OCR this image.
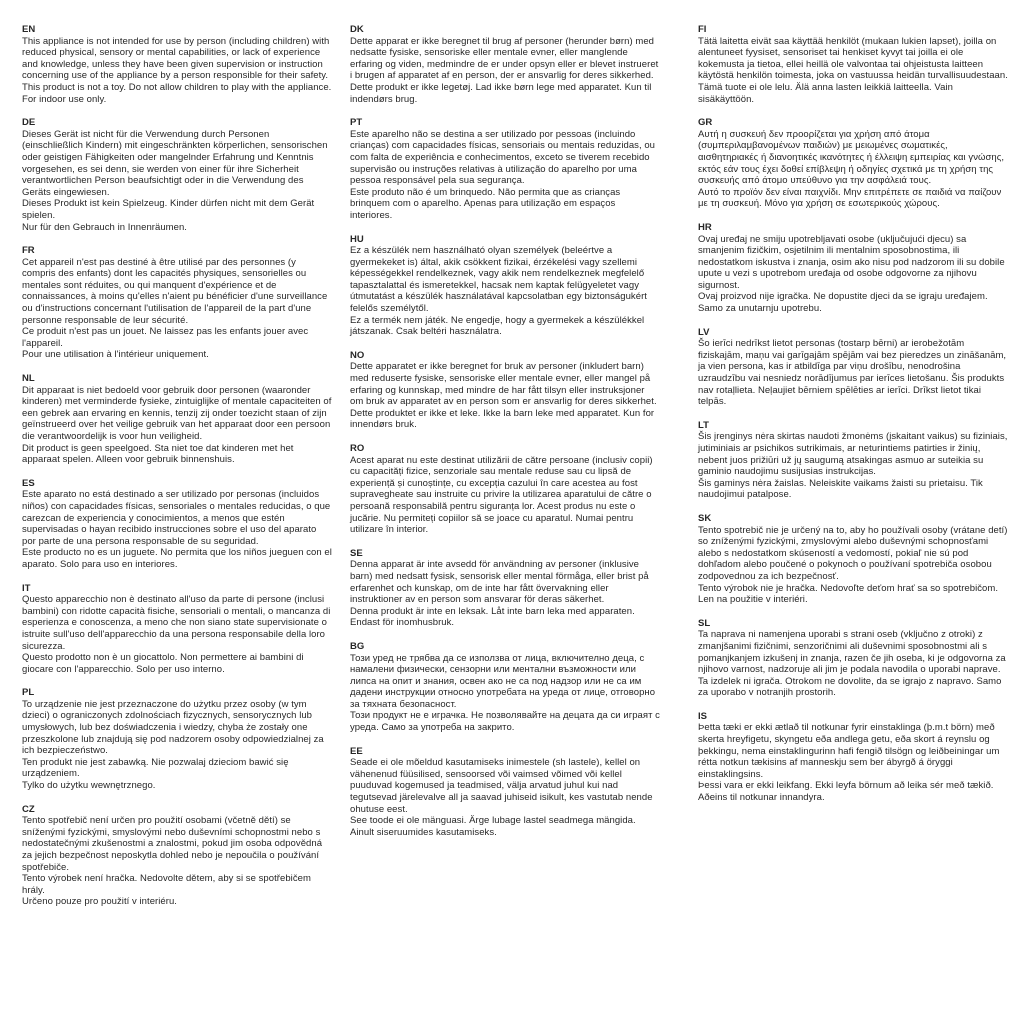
EN

This appliance is not intended for use by person (including children) with reduced physical, sensory or mental capabilities, or lack of experience and knowledge, unless they have been given supervision or instruction concerning use of the appliance by a person responsible for their safety.

This product is not a toy. Do not allow children to play with the appliance.

For indoor use only.

DE

Dieses Gerät ist nicht für die Verwendung durch Personen (einschließlich Kindern) mit eingeschränkten körperlichen, sensorischen oder geistigen Fähigkeiten oder mangelnder Erfahrung und Kenntnis vorgesehen, es sei denn, sie werden von einer für ihre Sicherheit verantwortlichen Person beaufsichtigt oder in die Verwendung des Geräts eingewiesen.

Dieses Produkt ist kein Spielzeug. Kinder dürfen nicht mit dem Gerät spielen.

Nur für den Gebrauch in Innenräumen.

FR

Cet appareil n'est pas destiné à être utilisé par des personnes (y compris des enfants) dont les capacités physiques, sensorielles ou mentales sont réduites, ou qui manquent d'expérience et de connaissances, à moins qu'elles n'aient pu bénéficier d'une surveillance ou d'instructions concernant l'utilisation de l'appareil de la part d'une personne responsable de leur sécurité.

Ce produit n'est pas un jouet. Ne laissez pas les enfants jouer avec l'appareil.

Pour une utilisation à l'intérieur uniquement.

NL

Dit apparaat is niet bedoeld voor gebruik door personen (waaronder kinderen) met verminderde fysieke, zintuiglijke of mentale capaciteiten of een gebrek aan ervaring en kennis, tenzij zij onder toezicht staan of zijn geïnstrueerd over het veilige gebruik van het apparaat door een persoon die verantwoordelijk is voor hun veiligheid.

Dit product is geen speelgoed. Sta niet toe dat kinderen met het apparaat spelen. Alleen voor gebruik binnenshuis.

ES

Este aparato no está destinado a ser utilizado por personas (incluidos niños) con capacidades físicas, sensoriales o mentales reducidas, o que carezcan de experiencia y conocimientos, a menos que estén supervisadas o hayan recibido instrucciones sobre el uso del aparato por parte de una persona responsable de su seguridad.

Este producto no es un juguete. No permita que los niños jueguen con el aparato. Solo para uso en interiores.

IT

Questo apparecchio non è destinato all'uso da parte di persone (inclusi bambini) con ridotte capacità fisiche, sensoriali o mentali, o mancanza di esperienza e conoscenza, a meno che non siano state supervisionate o istruite sull'uso dell'apparecchio da una persona responsabile della loro sicurezza.

Questo prodotto non è un giocattolo. Non permettere ai bambini di giocare con l'apparecchio. Solo per uso interno.

PL

To urządzenie nie jest przeznaczone do użytku przez osoby (w tym dzieci) o ograniczonych zdolnościach fizycznych, sensorycznych lub umysłowych, lub bez doświadczenia i wiedzy, chyba że zostały one przeszkolone lub znajdują się pod nadzorem osoby odpowiedzialnej za ich bezpieczeństwo.

Ten produkt nie jest zabawką. Nie pozwalaj dzieciom bawić się urządzeniem.

Tylko do użytku wewnętrznego.

CZ

Tento spotřebič není určen pro použití osobami (včetně dětí) se sníženými fyzickými, smyslovými nebo duševními schopnostmi nebo s nedostatečnými zkušenostmi a znalostmi, pokud jim osoba odpovědná za jejich bezpečnost neposkytla dohled nebo je nepoučila o používání spotřebiče.

Tento výrobek není hračka. Nedovolte dětem, aby si se spotřebičem hrály.

Určeno pouze pro použití v interiéru.

DK

Dette apparat er ikke beregnet til brug af personer (herunder børn) med nedsatte fysiske, sensoriske eller mentale evner, eller manglende erfaring og viden, medmindre de er under opsyn eller er blevet instrueret i brugen af apparatet af en person, der er ansvarlig for deres sikkerhed.

Dette produkt er ikke legetøj. Lad ikke børn lege med apparatet. Kun til indendørs brug.

PT

Este aparelho não se destina a ser utilizado por pessoas (incluindo crianças) com capacidades físicas, sensoriais ou mentais reduzidas, ou com falta de experiência e conhecimentos, exceto se tiverem recebido supervisão ou instruções relativas à utilização do aparelho por uma pessoa responsável pela sua segurança.

Este produto não é um brinquedo. Não permita que as crianças brinquem com o aparelho. Apenas para utilização em espaços interiores.

HU

Ez a készülék nem használható olyan személyek (beleértve a gyermekeket is) által, akik csökkent fizikai, érzékelési vagy szellemi képességekkel rendelkeznek, vagy akik nem rendelkeznek megfelelő tapasztalattal és ismeretekkel, hacsak nem kaptak felügyeletet vagy útmutatást a készülék használatával kapcsolatban egy biztonságukért felelős személytől.

Ez a termék nem játék. Ne engedje, hogy a gyermekek a készülékkel játszanak. Csak beltéri használatra.

NO

Dette apparatet er ikke beregnet for bruk av personer (inkludert barn) med reduserte fysiske, sensoriske eller mentale evner, eller mangel på erfaring og kunnskap, med mindre de har fått tilsyn eller instruksjoner om bruk av apparatet av en person som er ansvarlig for deres sikkerhet.

Dette produktet er ikke et leke. Ikke la barn leke med apparatet. Kun for innendørs bruk.

RO

Acest aparat nu este destinat utilizării de către persoane (inclusiv copii) cu capacități fizice, senzoriale sau mentale reduse sau cu lipsă de experiență și cunoștințe, cu excepția cazului în care acestea au fost supravegheate sau instruite cu privire la utilizarea aparatului de către o persoană responsabilă pentru siguranța lor. Acest produs nu este o jucărie. Nu permiteți copiilor să se joace cu aparatul. Numai pentru utilizare în interior.

SE

Denna apparat är inte avsedd för användning av personer (inklusive barn) med nedsatt fysisk, sensorisk eller mental förmåga, eller brist på erfarenhet och kunskap, om de inte har fått övervakning eller instruktioner av en person som ansvarar för deras säkerhet.

Denna produkt är inte en leksak. Låt inte barn leka med apparaten. Endast för inomhusbruk.

BG

Този уред не трябва да се използва от лица, включително деца, с намалени физически, сензорни или ментални възможности или липса на опит и знания, освен ако не са под надзор или не са им дадени инструкции относно употребата на уреда от лице, отговорно за тяхната безопасност.

Този продукт не е играчка. Не позволявайте на децата да си играят с уреда. Само за употреба на закрито.

EE

Seade ei ole mõeldud kasutamiseks inimestele (sh lastele), kellel on vähenenud füüsilised, sensoorsed või vaimsed võimed või kellel puuduvad kogemused ja teadmised, välja arvatud juhul kui nad tegutsevad järelevalve all ja saavad juhiseid isikult, kes vastutab nende ohutuse eest.

See toode ei ole mänguasi. Ärge lubage lastel seadmega mängida. Ainult siseruumides kasutamiseks.

FI

Tätä laitetta eivät saa käyttää henkilöt (mukaan lukien lapset), joilla on alentuneet fyysiset, sensoriset tai henkiset kyvyt tai joilla ei ole kokemusta ja tietoa, ellei heillä ole valvontaa tai ohjeistusta laitteen käytöstä henkilön toimesta, joka on vastuussa heidän turvallisuudestaan.

Tämä tuote ei ole lelu. Älä anna lasten leikkiä laitteella. Vain sisäkäyttöön.

GR

Αυτή η συσκευή δεν προορίζεται για χρήση από άτομα (συμπεριλαμβανομένων παιδιών) με μειωμένες σωματικές, αισθητηριακές ή διανοητικές ικανότητες ή έλλειψη εμπειρίας και γνώσης, εκτός εάν τους έχει δοθεί επίβλεψη ή οδηγίες σχετικά με τη χρήση της συσκευής από άτομο υπεύθυνο για την ασφάλειά τους.

Αυτό το προϊόν δεν είναι παιχνίδι. Μην επιτρέπετε σε παιδιά να παίζουν με τη συσκευή. Μόνο για χρήση σε εσωτερικούς χώρους.

HR

Ovaj uređaj ne smiju upotrebljavati osobe (uključujući djecu) sa smanjenim fizičkim, osjetilnim ili mentalnim sposobnostima, ili nedostatkom iskustva i znanja, osim ako nisu pod nadzorom ili su dobile upute u vezi s upotrebom uređaja od osobe odgovorne za njihovu sigurnost.

Ovaj proizvod nije igračka. Ne dopustite djeci da se igraju uređajem. Samo za unutarnju upotrebu.

LV

Šo ierīci nedrīkst lietot personas (tostarp bērni) ar ierobežotām fiziskajām, maņu vai garīgajām spējām vai bez pieredzes un zināšanām, ja vien persona, kas ir atbildīga par viņu drošību, nenodrošina uzraudzību vai nesniedz norādījumus par ierīces lietošanu. Šis produkts nav rotaļlieta. Neļaujiet bērniem spēlēties ar ierīci. Drīkst lietot tikai telpās.

LT

Šis įrenginys nėra skirtas naudoti žmonėms (įskaitant vaikus) su fiziniais, jutiminiais ar psichikos sutrikimais, ar neturintiems patirties ir žinių, nebent juos prižiūri už jų saugumą atsakingas asmuo ar suteikia su gaminio naudojimu susijusias instrukcijas.

Šis gaminys nėra žaislas. Neleiskite vaikams žaisti su prietaisu. Tik naudojimui patalpose.

SK

Tento spotrebič nie je určený na to, aby ho používali osoby (vrátane detí) so zníženými fyzickými, zmyslovými alebo duševnými schopnosťami alebo s nedostatkom skúseností a vedomostí, pokiaľ nie sú pod dohľadom alebo poučené o pokynoch o používaní spotrebiča osobou zodpovednou za ich bezpečnosť.

Tento výrobok nie je hračka. Nedovoľte deťom hrať sa so spotrebičom. Len na použitie v interiéri.

SL

Ta naprava ni namenjena uporabi s strani oseb (vključno z otroki) z zmanjšanimi fizičnimi, senzoričnimi ali duševnimi sposobnostmi ali s pomanjkanjem izkušenj in znanja, razen če jih oseba, ki je odgovorna za njihovo varnost, nadzoruje ali jim je podala navodila o uporabi naprave.

Ta izdelek ni igrača. Otrokom ne dovolite, da se igrajo z napravo. Samo za uporabo v notranjih prostorih.

IS

Þetta tæki er ekki ætlað til notkunar fyrir einstaklinga (þ.m.t börn) með skerta hreyfigetu, skyngetu eða andlega getu, eða skort á reynslu og þekkingu, nema einstaklingurinn hafi fengið tilsögn og leiðbeiningar um rétta notkun tækisins af manneskju sem ber ábyrgð á öryggi einstaklingsins.

Þessi vara er ekki leikfang. Ekki leyfa börnum að leika sér með tækið. Aðeins til notkunar innandyra.
